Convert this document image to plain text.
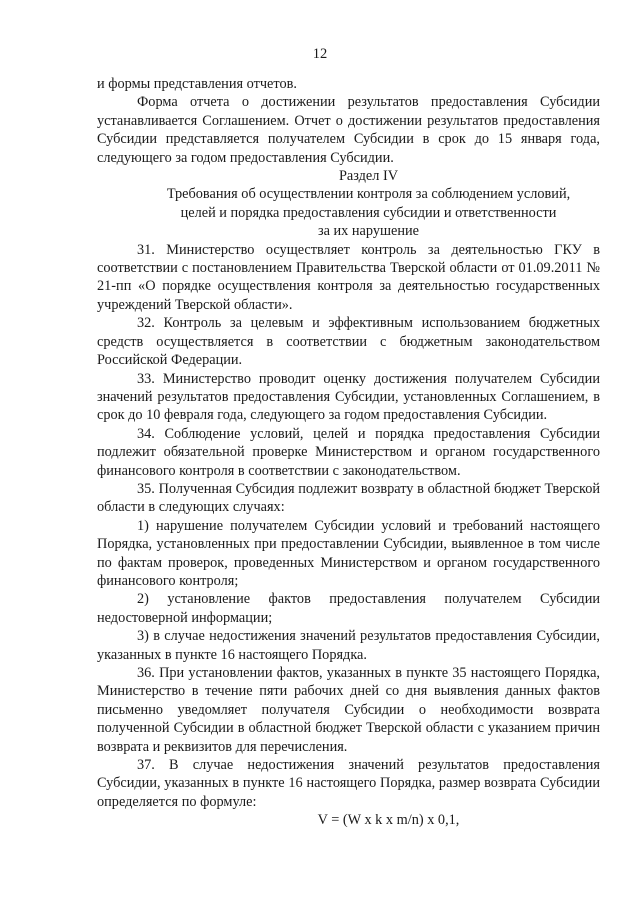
12

и формы представления отчетов.

Форма отчета о достижении результатов предоставления Субсидии устанавливается Соглашением. Отчет о достижении результатов предоставления Субсидии представляется получателем Субсидии в срок до 15 января года, следующего за годом предоставления Субсидии.

Раздел IV

Требования об осуществлении контроля за соблюдением условий,
целей и порядка предоставления субсидии и ответственности
за их нарушение

31. Министерство осуществляет контроль за деятельностью ГКУ в соответствии с постановлением Правительства Тверской области от 01.09.2011 № 21-пп «О порядке осуществления контроля за деятельностью государственных учреждений Тверской области».

32. Контроль за целевым и эффективным использованием бюджетных средств осуществляется в соответствии с бюджетным законодательством Российской Федерации.

33. Министерство проводит оценку достижения получателем Субсидии значений результатов предоставления Субсидии, установленных Соглашением, в срок до 10 февраля года, следующего за годом предоставления Субсидии.

34. Соблюдение условий, целей и порядка предоставления Субсидии подлежит обязательной проверке Министерством и органом государственного финансового контроля в соответствии с законодательством.

35. Полученная Субсидия подлежит возврату в областной бюджет Тверской области в следующих случаях:

1) нарушение получателем Субсидии условий и требований настоящего Порядка, установленных при предоставлении Субсидии, выявленное в том числе по фактам проверок, проведенных Министерством и органом государственного финансового контроля;

2) установление фактов предоставления получателем Субсидии недостоверной информации;

3) в случае недостижения значений результатов предоставления Субсидии, указанных в пункте 16 настоящего Порядка.

36. При установлении фактов, указанных в пункте 35 настоящего Порядка, Министерство в течение пяти рабочих дней со дня выявления данных фактов письменно уведомляет получателя Субсидии о необходимости возврата полученной Субсидии в областной бюджет Тверской области с указанием причин возврата и реквизитов для перечисления.

37. В случае недостижения значений результатов предоставления Субсидии, указанных в пункте 16 настоящего Порядка, размер возврата Субсидии определяется по формуле:

V = (W x k x m/n) x 0,1,
